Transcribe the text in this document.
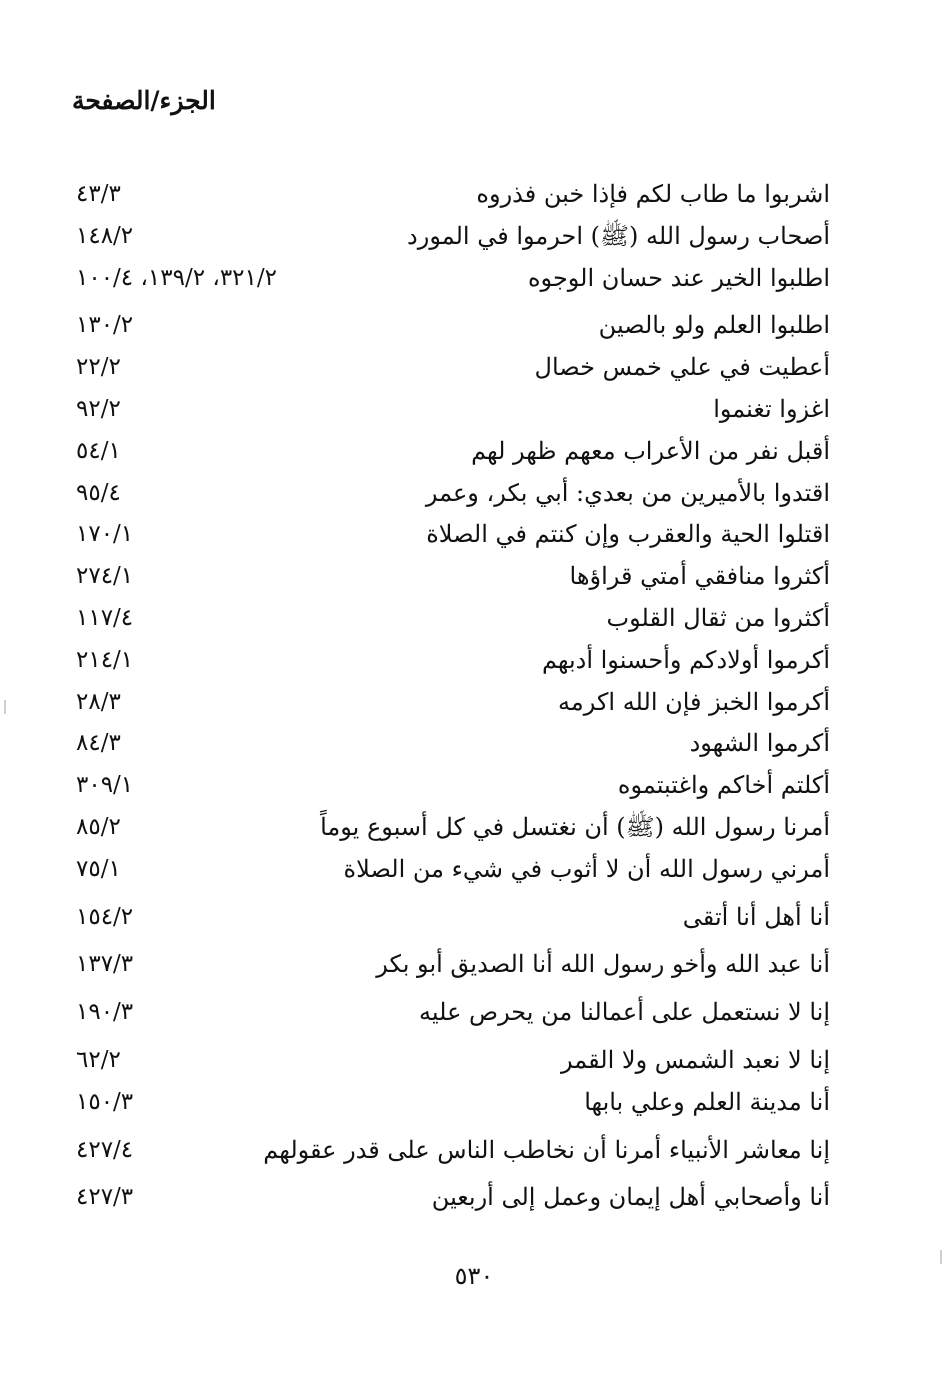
الجزء/الصفحة
اشربوا ما طاب لكم فإذا خبن فذروه
٤٣/٣
أصحاب رسول الله (ﷺ) احرموا في المورد
١٤٨/٢
اطلبوا الخير عند حسان الوجوه
٣٢١/٢، ١٣٩/٢، ١٠٠/٤
اطلبوا العلم ولو بالصين
١٣٠/٢
أعطيت في علي خمس خصال
٢٢/٢
اغزوا تغنموا
٩٢/٢
أقبل نفر من الأعراب معهم ظهر لهم
٥٤/١
اقتدوا بالأميرين من بعدي: أبي بكر، وعمر
٩٥/٤
اقتلوا الحية والعقرب وإن كنتم في الصلاة
١٧٠/١
أكثروا منافقي أمتي قراؤها
٢٧٤/١
أكثروا من ثقال القلوب
١١٧/٤
أكرموا أولادكم وأحسنوا أدبهم
٢١٤/١
أكرموا الخبز فإن الله اكرمه
٢٨/٣
أكرموا الشهود
٨٤/٣
أكلتم أخاكم واغتبتموه
٣٠٩/١
أمرنا رسول الله (ﷺ) أن نغتسل في كل أسبوع يوماً
٨٥/٢
أمرني رسول الله أن لا أثوب في شيء من الصلاة
٧٥/١
أنا أهل أنا أتقى
١٥٤/٢
أنا عبد الله وأخو رسول الله أنا الصديق أبو بكر
١٣٧/٣
إنا لا نستعمل على أعمالنا من يحرص عليه
١٩٠/٣
إنا لا نعبد الشمس ولا القمر
٦٢/٢
أنا مدينة العلم وعلي بابها
١٥٠/٣
إنا معاشر الأنبياء أمرنا أن نخاطب الناس على قدر عقولهم
٤٢٧/٤
أنا وأصحابي أهل إيمان وعمل إلى أربعين
٤٢٧/٣
٥٣٠
